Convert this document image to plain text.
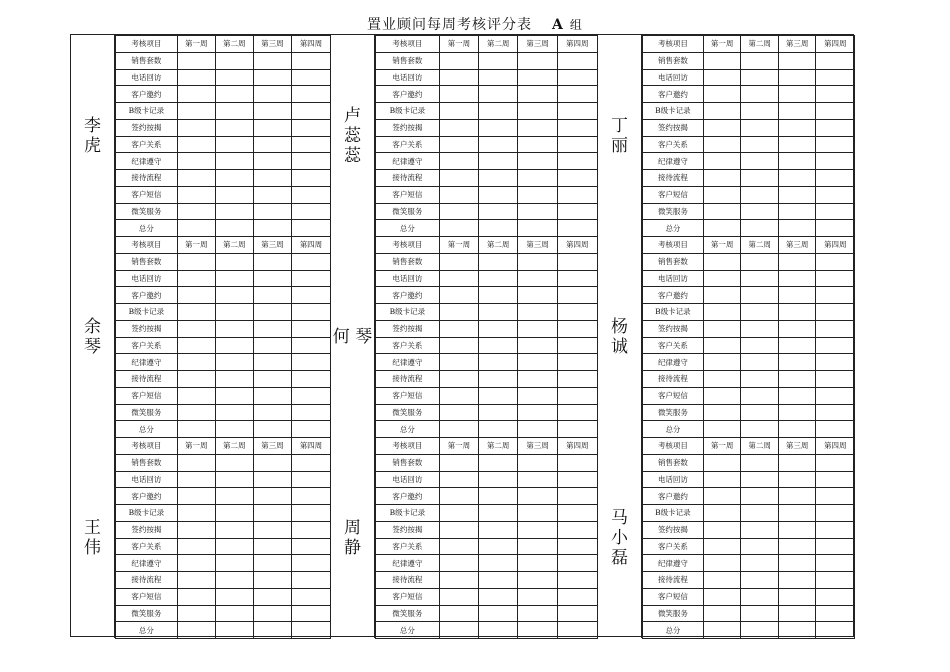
置业顾问每周考核评分表 A 组
李
虎
考核项目	第一周	第二周	第三周	第四周
销售套数				
电话回访				
客户邀约				
B级卡记录				
签约按揭				
客户关系				
纪律遵守				
接待流程				
客户短信				
微笑服务				
总分				
卢
蕊
蕊
考核项目	第一周	第二周	第三周	第四周
销售套数				
电话回访				
客户邀约				
B级卡记录				
签约按揭				
客户关系				
纪律遵守				
接待流程				
客户短信				
微笑服务				
总分				
丁
丽
考核项目	第一周	第二周	第三周	第四周
销售套数				
电话回访				
客户邀约				
B级卡记录				
签约按揭				
客户关系				
纪律遵守				
接待流程				
客户短信				
微笑服务				
总分				
余
琴
考核项目	第一周	第二周	第三周	第四周
销售套数				
电话回访				
客户邀约				
B级卡记录				
签约按揭				
客户关系				
纪律遵守				
接待流程				
客户短信				
微笑服务				
总分				
何 琴
考核项目	第一周	第二周	第三周	第四周
销售套数				
电话回访				
客户邀约				
B级卡记录				
签约按揭				
客户关系				
纪律遵守				
接待流程				
客户短信				
微笑服务				
总分				
杨
诚
考核项目	第一周	第二周	第三周	第四周
销售套数				
电话回访				
客户邀约				
B级卡记录				
签约按揭				
客户关系				
纪律遵守				
接待流程				
客户短信				
微笑服务				
总分				
王
伟
考核项目	第一周	第二周	第三周	第四周
销售套数				
电话回访				
客户邀约				
B级卡记录				
签约按揭				
客户关系				
纪律遵守				
接待流程				
客户短信				
微笑服务				
总分				
周
静
考核项目	第一周	第二周	第三周	第四周
销售套数				
电话回访				
客户邀约				
B级卡记录				
签约按揭				
客户关系				
纪律遵守				
接待流程				
客户短信				
微笑服务				
总分				
马
小
磊
考核项目	第一周	第二周	第三周	第四周
销售套数				
电话回访				
客户邀约				
B级卡记录				
签约按揭				
客户关系				
纪律遵守				
接待流程				
客户短信				
微笑服务				
总分				
